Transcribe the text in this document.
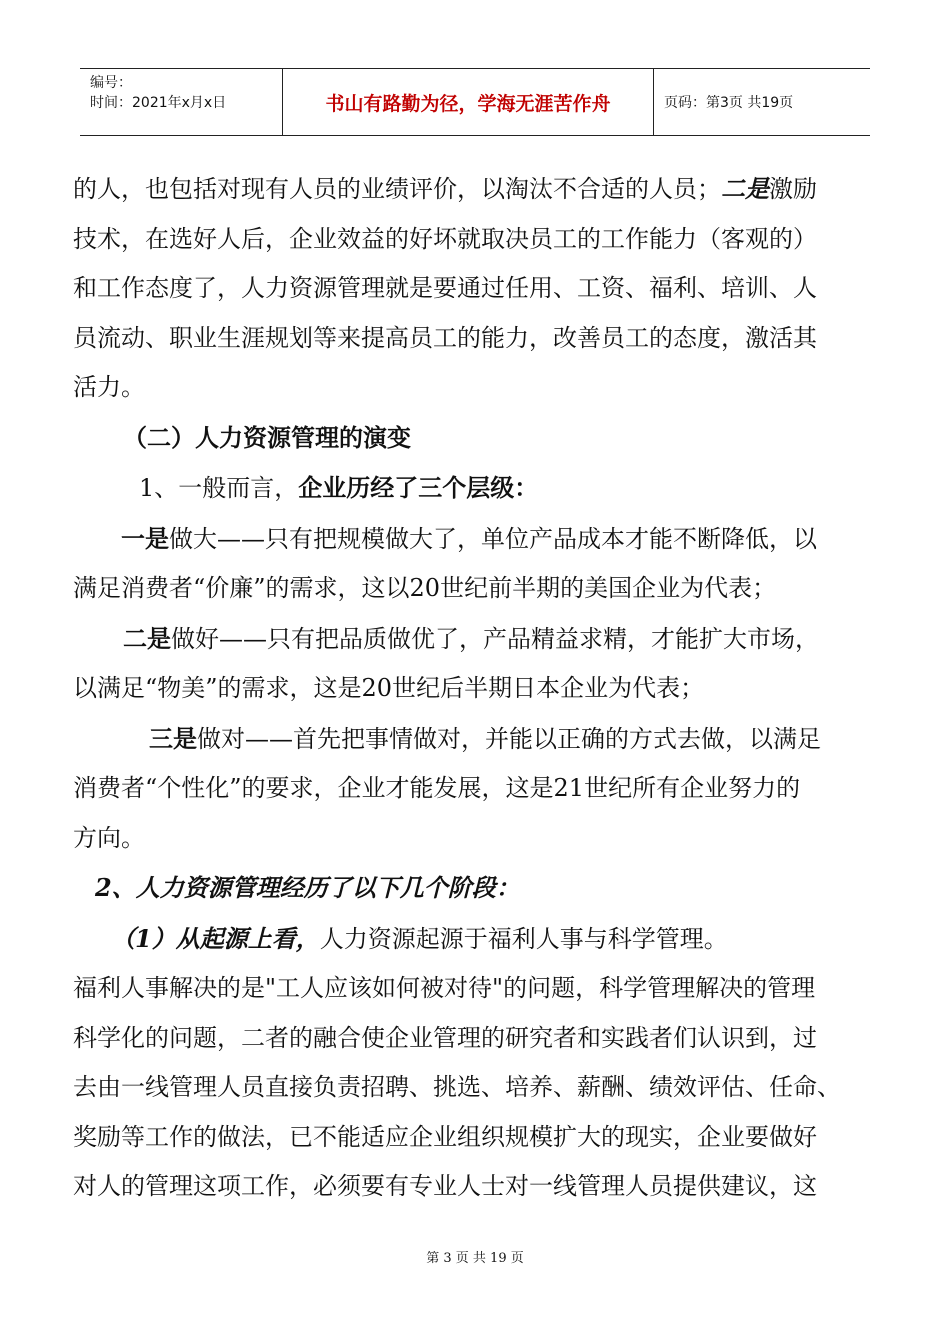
编号：
时间：2021年x月x日	书山有路勤为径，学海无涯苦作舟	页码：第3页 共19页

的人，也包括对现有人员的业绩评价，以淘汰不合适的人员；二是激励

技术，在选好人后，企业效益的好坏就取决员工的工作能力（客观的）

和工作态度了，人力资源管理就是要通过任用、工资、福利、培训、人

员流动、职业生涯规划等来提高员工的能力，改善员工的态度，激活其

活力。

（二）人力资源管理的演变

1、一般而言，企业历经了三个层级：

一是做大——只有把规模做大了，单位产品成本才能不断降低，以

满足消费者“价廉”的需求，这以20世纪前半期的美国企业为代表；

二是做好——只有把品质做优了，产品精益求精，才能扩大市场，

以满足“物美”的需求，这是20世纪后半期日本企业为代表；

三是做对——首先把事情做对，并能以正确的方式去做，以满足

消费者“个性化”的要求，企业才能发展，这是21世纪所有企业努力的

方向。

2、人力资源管理经历了以下几个阶段：

（1）从起源上看，人力资源起源于福利人事与科学管理。

福利人事解决的是"工人应该如何被对待"的问题，科学管理解决的管理

科学化的问题，二者的融合使企业管理的研究者和实践者们认识到，过

去由一线管理人员直接负责招聘、挑选、培养、薪酬、绩效评估、任命、

奖励等工作的做法，已不能适应企业组织规模扩大的现实，企业要做好

对人的管理这项工作，必须要有专业人士对一线管理人员提供建议，这

第 3 页 共 19 页
